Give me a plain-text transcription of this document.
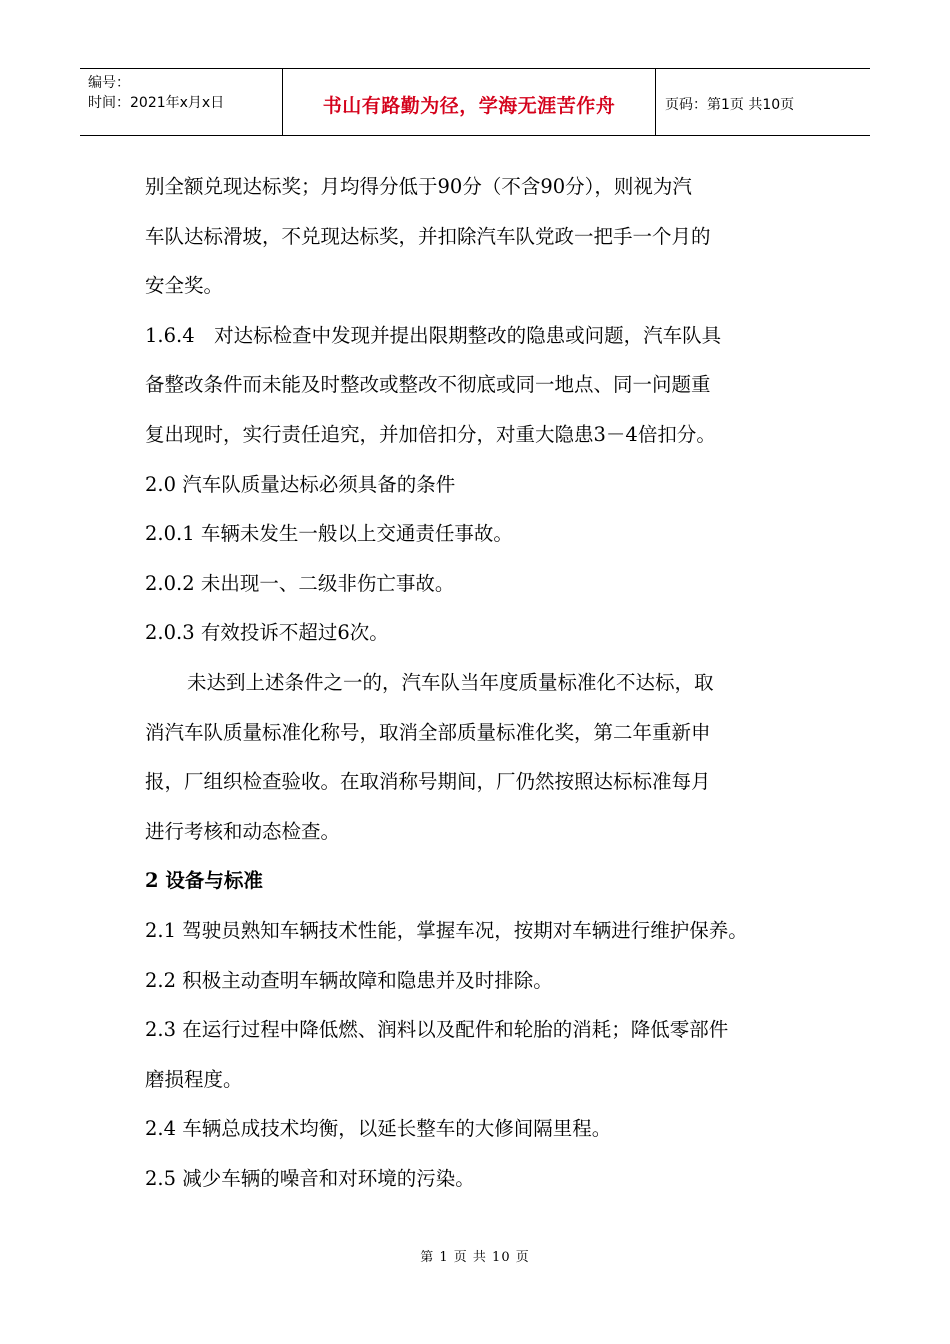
编号：
时间：2021年x月x日	书山有路勤为径，学海无涯苦作舟	页码：第1页 共10页

别全额兑现达标奖；月均得分低于90分（不含90分），则视为汽

车队达标滑坡，不兑现达标奖，并扣除汽车队党政一把手一个月的

安全奖。

1.6.4　对达标检查中发现并提出限期整改的隐患或问题，汽车队具

备整改条件而未能及时整改或整改不彻底或同一地点、同一问题重

复出现时，实行责任追究，并加倍扣分，对重大隐患3－4倍扣分。

2.0 汽车队质量达标必须具备的条件

2.0.1 车辆未发生一般以上交通责任事故。

2.0.2 未出现一、二级非伤亡事故。

2.0.3 有效投诉不超过6次。

未达到上述条件之一的，汽车队当年度质量标准化不达标，取

消汽车队质量标准化称号，取消全部质量标准化奖，第二年重新申

报，厂组织检查验收。在取消称号期间，厂仍然按照达标标准每月

进行考核和动态检查。

2 设备与标准

2.1 驾驶员熟知车辆技术性能，掌握车况，按期对车辆进行维护保养。

2.2 积极主动查明车辆故障和隐患并及时排除。

2.3 在运行过程中降低燃、润料以及配件和轮胎的消耗；降低零部件

磨损程度。

2.4 车辆总成技术均衡，以延长整车的大修间隔里程。

2.5 减少车辆的噪音和对环境的污染。

第 1 页 共 10 页
